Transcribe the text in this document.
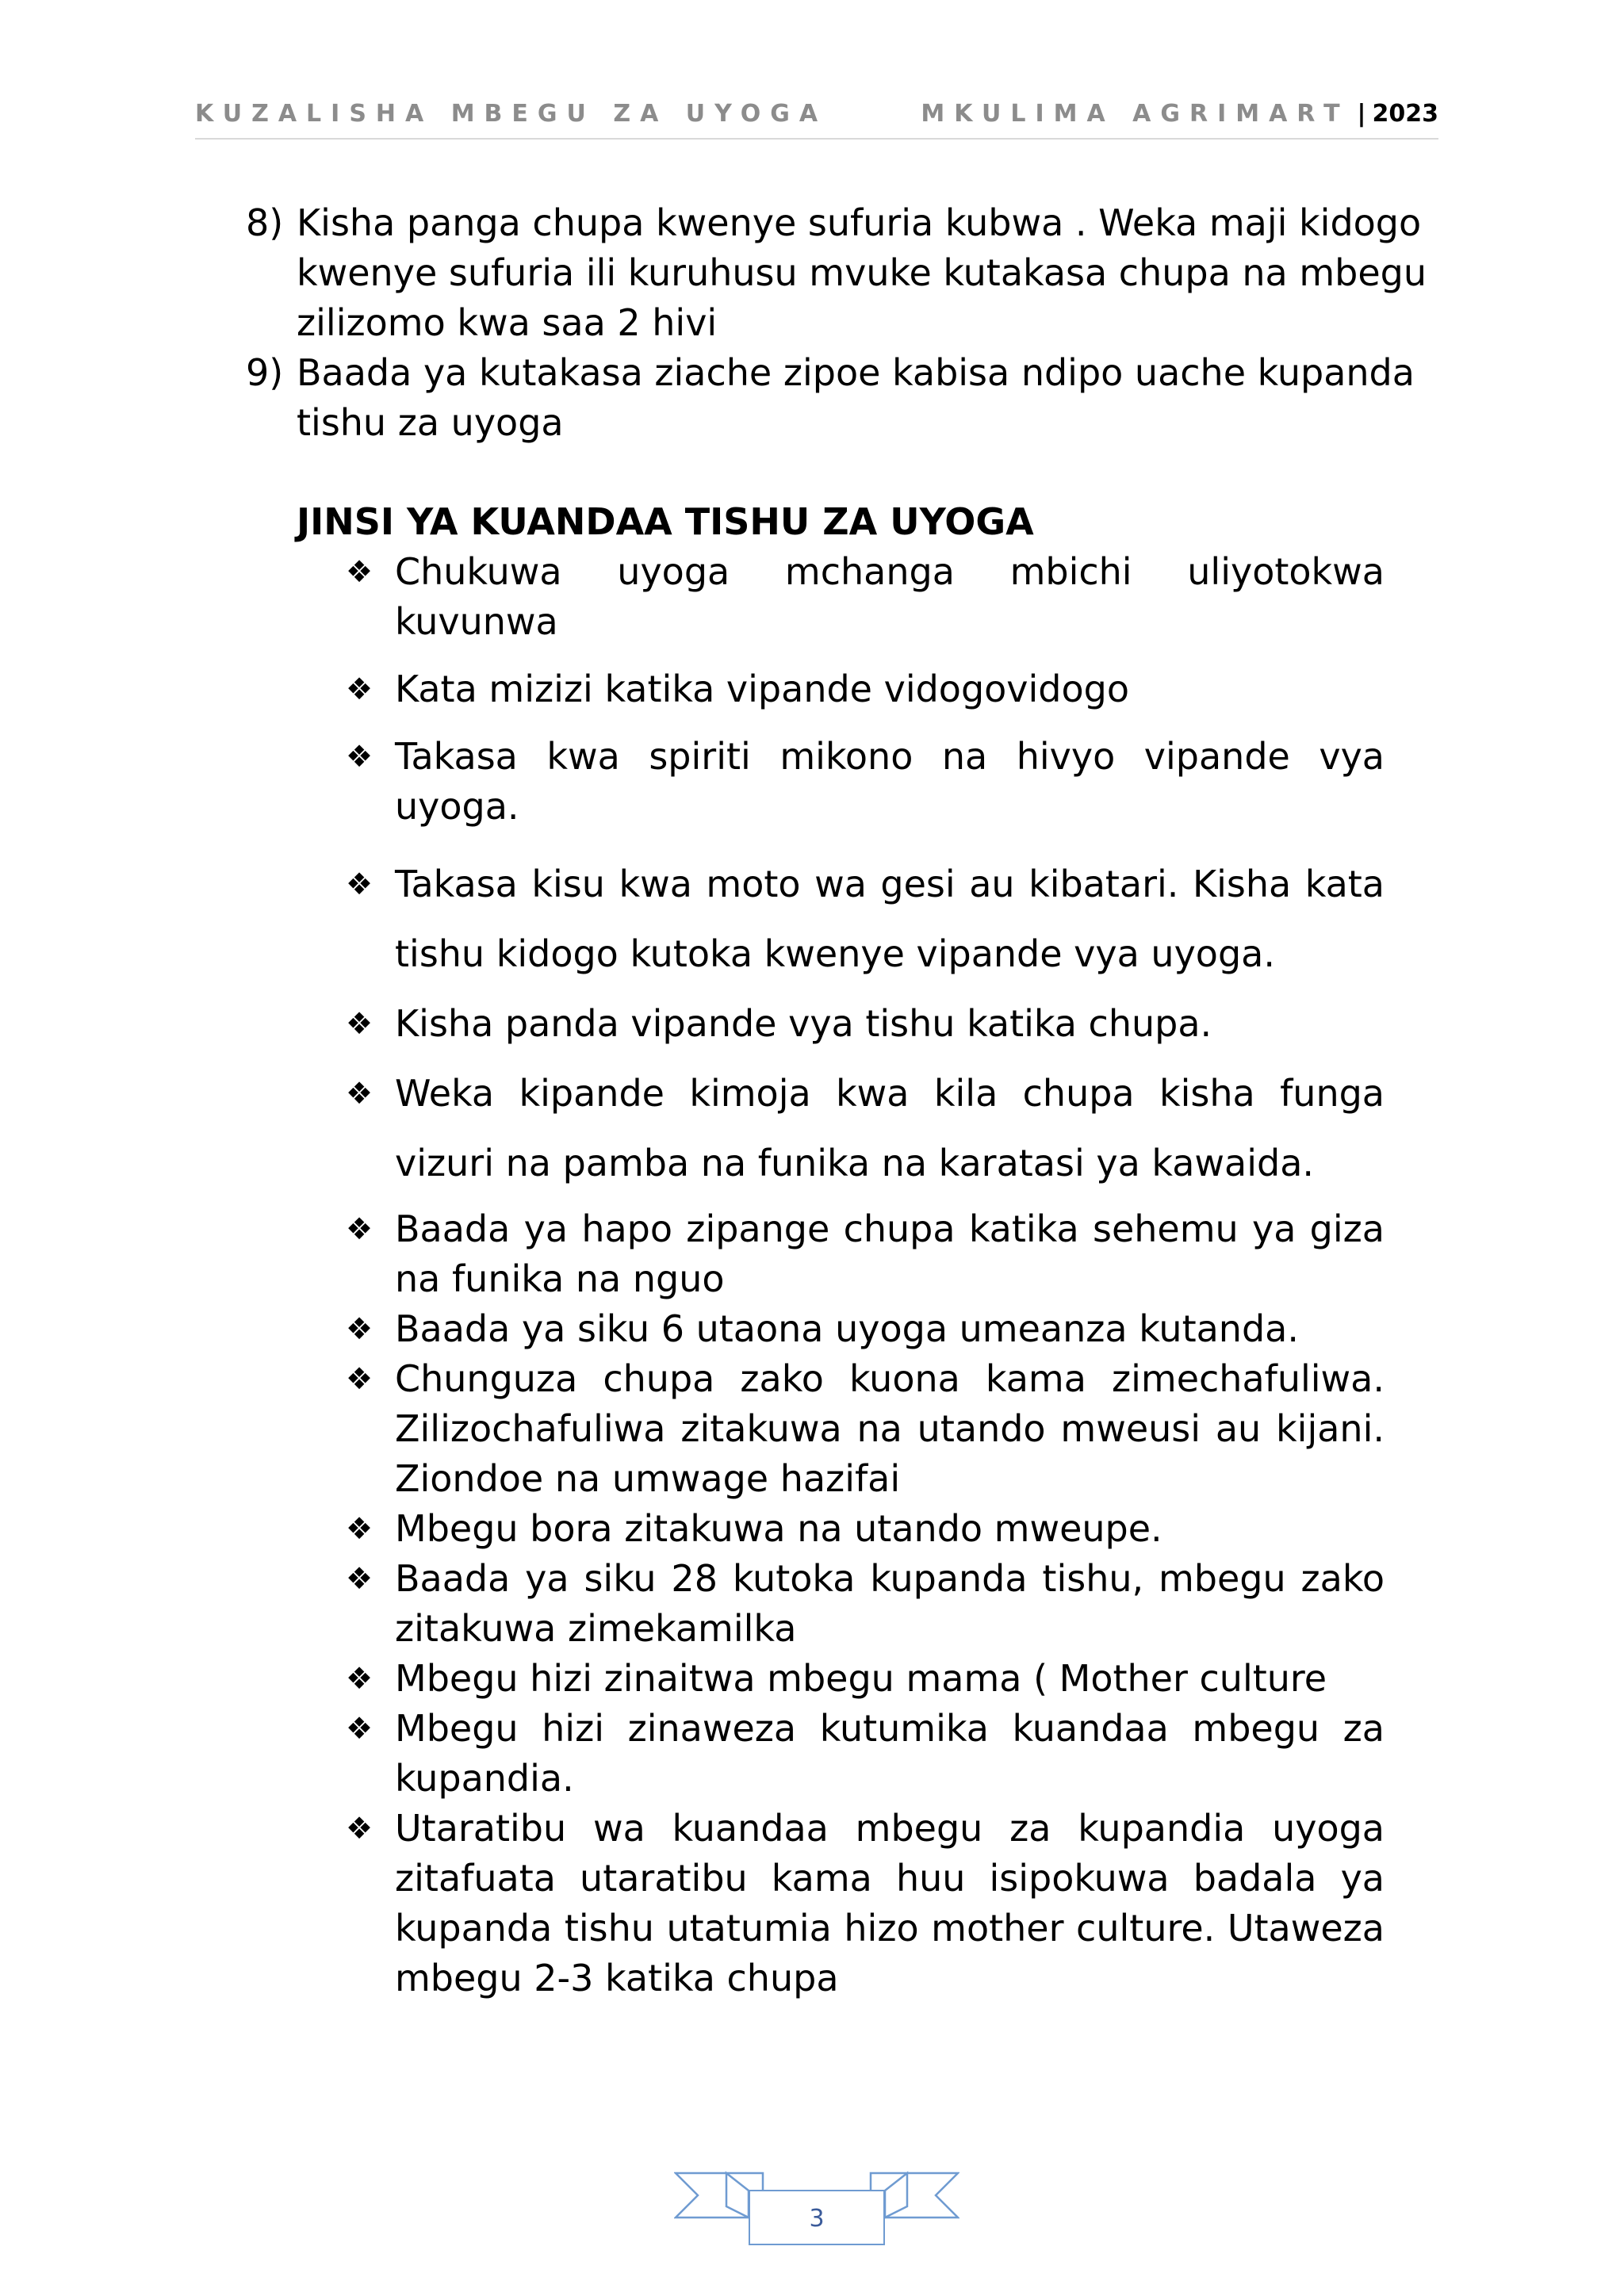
KUZALISHA MBEGU ZA UYOGA	MKULIMA AGRIMART | 2023
8) Kisha panga chupa kwenye sufuria kubwa . Weka maji kidogo kwenye sufuria ili kuruhusu mvuke kutakasa chupa na mbegu zilizomo kwa saa 2 hivi
9) Baada ya kutakasa ziache zipoe kabisa ndipo uache kupanda tishu za uyoga
JINSI YA KUANDAA TISHU ZA UYOGA
❖ Chukuwa uyoga mchanga mbichi uliyotokwa kuvunwa
❖ Kata mizizi katika vipande vidogovidogo
❖ Takasa kwa spiriti mikono na hivyo vipande vya uyoga.
❖ Takasa kisu kwa moto wa gesi au kibatari. Kisha kata tishu kidogo kutoka kwenye vipande vya uyoga.
❖ Kisha panda vipande vya tishu katika chupa.
❖ Weka kipande kimoja kwa kila chupa kisha funga vizuri na pamba na funika na karatasi ya kawaida.
❖ Baada ya hapo zipange chupa katika sehemu ya giza na funika na nguo
❖ Baada ya siku 6 utaona uyoga umeanza kutanda.
❖ Chunguza chupa zako kuona kama zimechafuliwa. Zilizochafuliwa zitakuwa na utando mweusi au kijani. Ziondoe na umwage hazifai
❖ Mbegu bora zitakuwa na utando mweupe.
❖ Baada ya siku 28 kutoka kupanda tishu, mbegu zako zitakuwa zimekamilka
❖ Mbegu hizi zinaitwa mbegu mama ( Mother culture
❖ Mbegu hizi zinaweza kutumika kuandaa mbegu za kupandia.
❖ Utaratibu wa kuandaa mbegu za kupandia uyoga zitafuata utaratibu kama huu isipokuwa badala ya kupanda tishu utatumia hizo mother culture. Utaweza mbegu 2-3 katika chupa
3
